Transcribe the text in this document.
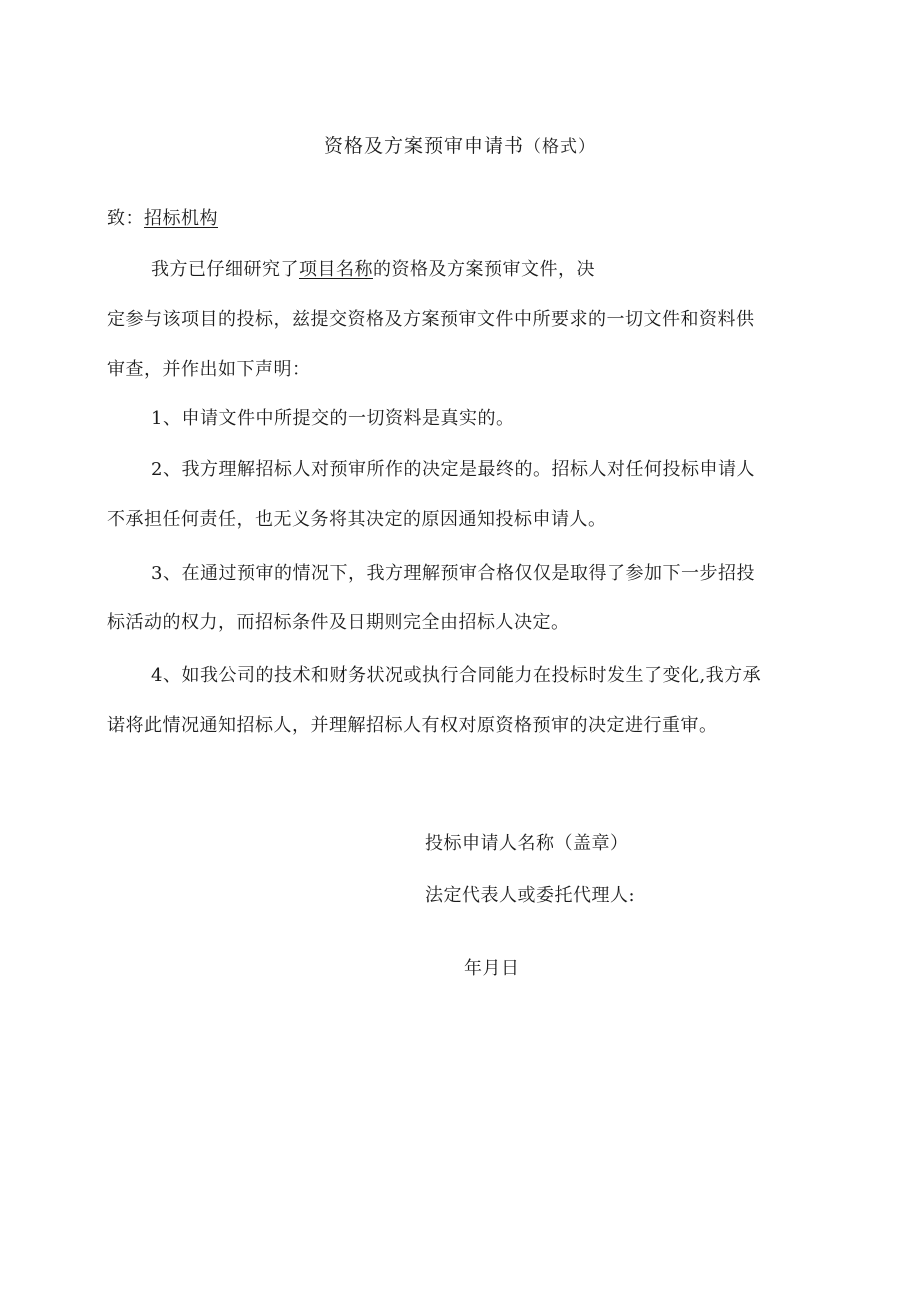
资格及方案预审申请书（格式）
致：招标机构
我方已仔细研究了项目名称的资格及方案预审文件，决
定参与该项目的投标，兹提交资格及方案预审文件中所要求的一切文件和资料供
审查，并作出如下声明：
1、申请文件中所提交的一切资料是真实的。
2、我方理解招标人对预审所作的决定是最终的。招标人对任何投标申请人
不承担任何责任，也无义务将其决定的原因通知投标申请人。
3、在通过预审的情况下，我方理解预审合格仅仅是取得了参加下一步招投
标活动的权力，而招标条件及日期则完全由招标人决定。
4、如我公司的技术和财务状况或执行合同能力在投标时发生了变化,我方承
诺将此情况通知招标人，并理解招标人有权对原资格预审的决定进行重审。
投标申请人名称（盖章）
法定代表人或委托代理人:
年月日
